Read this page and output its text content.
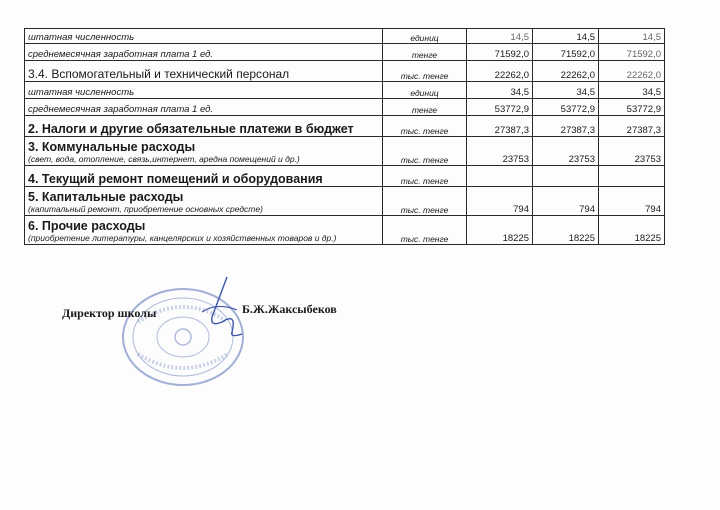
штатная численность	единиц	14,5	14,5	14,5
среднемесячная заработная плата 1 ед.	тенге	71592,0	71592,0	71592,0
3.4. Вспомогательный и технический персонал	тыс. тенге	22262,0	22262,0	22262,0
штатная численность	единиц	34,5	34,5	34,5
среднемесячная заработная плата 1 ед.	тенге	53772,9	53772,9	53772,9
2. Налоги и другие обязательные платежи в бюджет	тыс. тенге	27387,3	27387,3	27387,3

3. Коммунальные расходы
(свет, вода, отопление, связь,интернет, аредна помещений и др.)	тыс. тенге	23753	23753	23753
4. Текущий ремонт помещений и оборудования	тыс. тенге			

5. Капитальные расходы
(капитальный ремонт, приобретение основных средсте)	тыс. тенге	794	794	794

6. Прочие расходы
(приобретение литературы, канцелярских и хозяйственных товаров и др.)	тыс. тенге	18225	18225	18225
Директор школы	Б.Ж.Жаксыбеков
